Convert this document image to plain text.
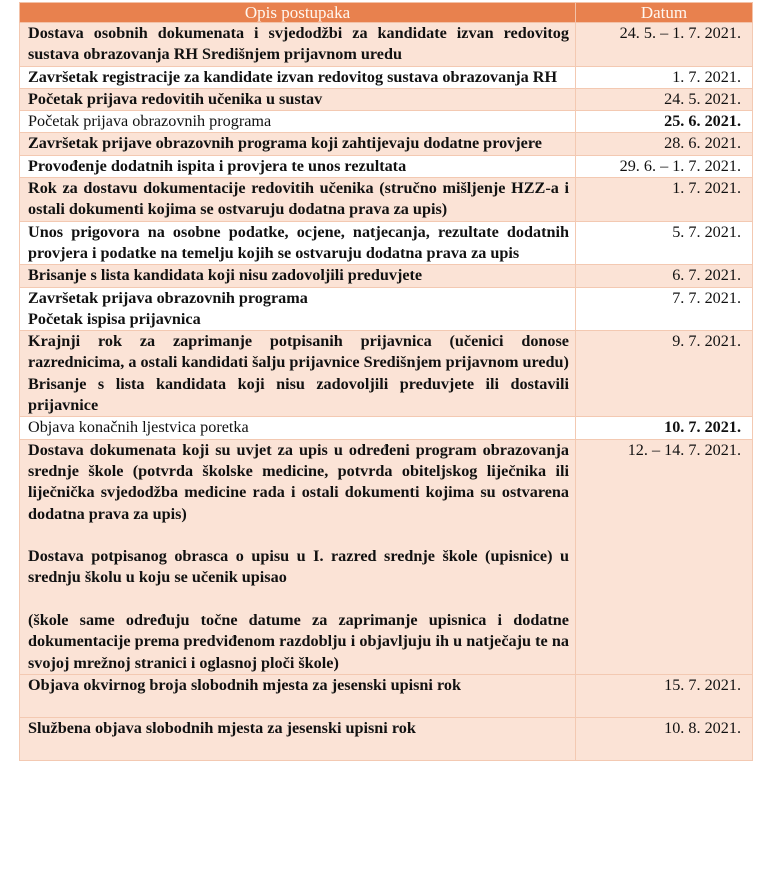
Opis postupaka	Datum

Dostava osobnih dokumenata i svjedodžbi za kandidate izvan redovitog sustava obrazovanja RH Središnjem prijavnom uredu	24. 5. – 1. 7. 2021.

Završetak registracije za kandidate izvan redovitog sustava obrazovanja RH	1. 7. 2021.

Početak prijava redovitih učenika u sustav	24. 5. 2021.

Početak prijava obrazovnih programa	25. 6. 2021.

Završetak prijave obrazovnih programa koji zahtijevaju dodatne provjere	28. 6. 2021.

Provođenje dodatnih ispita i provjera te unos rezultata	29. 6. – 1. 7. 2021.

Rok za dostavu dokumentacije redovitih učenika (stručno mišljenje HZZ-a i ostali dokumenti kojima se ostvaruju dodatna prava za upis)	1. 7. 2021.

Unos prigovora na osobne podatke, ocjene, natjecanja, rezultate dodatnih provjera i podatke na temelju kojih se ostvaruju dodatna prava za upis	5. 7. 2021.

Brisanje s lista kandidata koji nisu zadovoljili preduvjete	6. 7. 2021.

Završetak prijava obrazovnih programa
Početak ispisa prijavnica	7. 7. 2021.

Krajnji rok za zaprimanje potpisanih prijavnica (učenici donose razrednicima, a ostali kandidati šalju prijavnice Središnjem prijavnom uredu)
Brisanje s lista kandidata koji nisu zadovoljili preduvjete ili dostavili prijavnice	9. 7. 2021.

Objava konačnih ljestvica poretka	10. 7. 2021.

Dostava dokumenata koji su uvjet za upis u određeni program obrazovanja srednje škole (potvrda školske medicine, potvrda obiteljskog liječnika ili liječnička svjedodžba medicine rada i ostali dokumenti kojima su ostvarena dodatna prava za upis)
Dostava potpisanog obrasca o upisu u I. razred srednje škole (upisnice) u srednju školu u koju se učenik upisao
(škole same određuju točne datume za zaprimanje upisnica i dodatne dokumentacije prema predviđenom razdoblju i objavljuju ih u natječaju te na svojoj mrežnoj stranici i oglasnoj ploči škole)	12. – 14. 7. 2021.

Objava okvirnog broja slobodnih mjesta za jesenski upisni rok	15. 7. 2021.

Službena objava slobodnih mjesta za jesenski upisni rok	10. 8. 2021.
